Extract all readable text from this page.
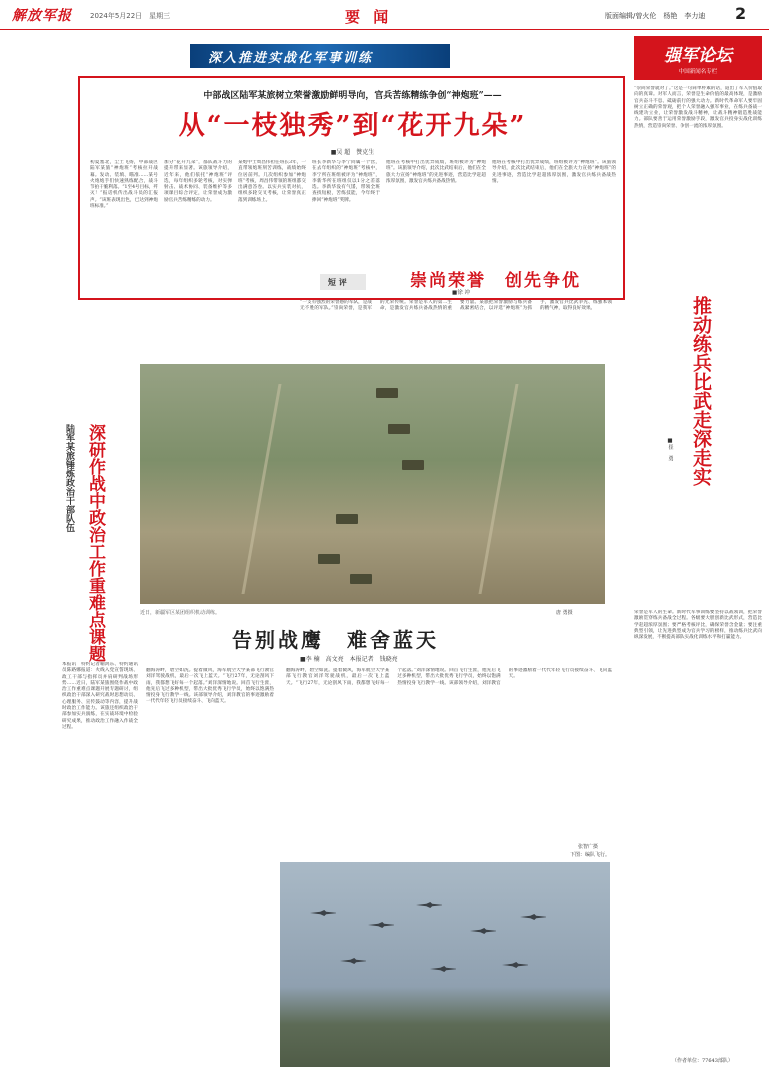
解放军报	2024年5月22日　星期三	要 闻	版面编辑/曾火伦　杨艳　李力迪 2
深入推进实战化军事训练
中部战区陆军某旅树立荣誉激励鲜明导向，官兵苦练精练争创“神炮班”——
从“一枝独秀”到“花开九朵”
■吴 超　赞克生
初夏塞北，尘土飞扬，中部战区陆军某旅“神炮班”考核拉开战幕。发动、装填、瞄准……某号火炮炮手们快速熟练配合，战斗节拍干脆利落。“1至4号目标，歼灭！”报话机传出战斗员的汇报声。“该班表现出色，已达到神炮班标准。”
加分“花开九朵”，都队战斗力的提升带来显著。该旅领导介绍，近年来，他们依托“神炮班”评选，每年组织多轮考核，对实弹射击、战术协同、装备维护等多项课目综合评定，让荣誉成为激励官兵苦练精练的动力。
某炮中士周昌伟担任班长3年，一直带领炮班刻苦训练，战绩始终位居前列。几次组织参加“神炮班”考核，周昌伟带领的班组都交出满意答卷。以实兵实装对抗，组织多轮交叉考核，让荣誉真正落到训练场上。
班长李新华与李宁同属一个营，在去年组织的“神炮班”考核中，李宁所在班组被评为“神炮班”，李新华所在班组仅以1分之差落选。李新华没有气馁，带领全班查找短板，苦练技能，今年终于捧回“神炮班”奖牌。
他班在考核中打出优异成绩，班组被评为“神炮班”。该旅领导介绍，此次比武结束后，他们在全旅大力宣扬“神炮班”的先进事迹，营造比学赶超浓厚氛围，激发官兵练兵备战热情。
他班在考核中打出优异成绩，班组被评为“神炮班”。该旅领导介绍，此次比武结束后，他们在全旅大力宣扬“神炮班”的先进事迹，营造比学赶超浓厚氛围，激发官兵练兵备战热情。
短 评	崇尚荣誉　创先争优
■徐 冲
“一支有强烈的荣誉感的军队，是战无不胜的军队。”崇尚荣誉，是我军的光荣传统。荣誉是军人的第二生命，是激发官兵练兵备战热情的重要力量。某旅把荣誉激励与练兵备战紧密结合，以评选“神炮班”为抓手，激发官兵比武争先、练强本领的精气神，取得良好效果。
强军论坛
中国新闻名专栏
“崇尚荣誉就对了。”这是一句简单朴素的话，道出了军人价值取向的真谛。对军人而言，荣誉是生命价值的最高体现，是激励官兵奋斗不息、砥砺前行的强大动力。新时代革命军人要牢固树立正确的荣誉观，把个人荣誉融入强军事业，在练兵备战一线建功立业，让荣誉激发战斗精神，让战斗精神锻造胜战能力。部队要善于运用荣誉激励手段，激发官兵投身实战化训练热情，营造崇尚荣誉、争创一流的浓厚氛围。
推动练兵比武走深走实
■崔 勇
荣誉是军人的生命。新时代军事训练要坚持以战领训，把荣誉激励贯穿练兵备战全过程。各级要大胆创新比武形式，营造比学赶超浓厚氛围；要严格考核评比，确保荣誉含金量；要注重典型引领，让先进典型成为官兵学习的榜样，推动练兵比武向纵深发展，不断提高部队实战化训练水平和打赢能力。
（作者单位：77643部队）
深研作战中政治工作重难点课题
陆军某旅锤炼政治干部队伍
本报讯　特约记者喻鸿东、特约通讯员陈路娜报道：火线入党宣誓现场、政工干部与指挥员并肩研判战场形势……近日，陆军某旅围绕作战中政治工作重难点课题开展专题研讨，组织政治干部深入研究战时思想动员、心理服务、宣传鼓动等内容，提升战时政治工作能力。该旅还组织政治干部参加实兵演练，在实战环境中检验研究成果，推动政治工作融入作战全过程。
近日，新疆军区某团组织机动训练。	唐 勇摄
告别战鹰　难舍蓝天
■李 楠　高文亮　本报记者　钱晓亮
翻海涛畔，碧空如洗。提着微风，海军航空大学某部飞行教官刘洋驾驶战机，最后一次飞上蓝天。“飞行27年，无论刮风下雨，我都想飞好每一个起落。”刘洋深情地说。回首飞行生涯，他先后飞过多种机型，带出大批优秀飞行学员，始终以饱满热情投身飞行教学一线。该部领导介绍，刘洋教官的事迹激励着一代代年轻飞行员接续奋斗、飞向蓝天。
翻海涛畔，碧空如洗。提着微风，海军航空大学某部飞行教官刘洋驾驶战机，最后一次飞上蓝天。“飞行27年，无论刮风下雨，我都想飞好每一个起落。”刘洋深情地说。回首飞行生涯，他先后飞过多种机型，带出大批优秀飞行学员，始终以饱满热情投身飞行教学一线。该部领导介绍，刘洋教官的事迹激励着一代代年轻飞行员接续奋斗、飞向蓝天。
下图：编队飞行。
张智广摄
